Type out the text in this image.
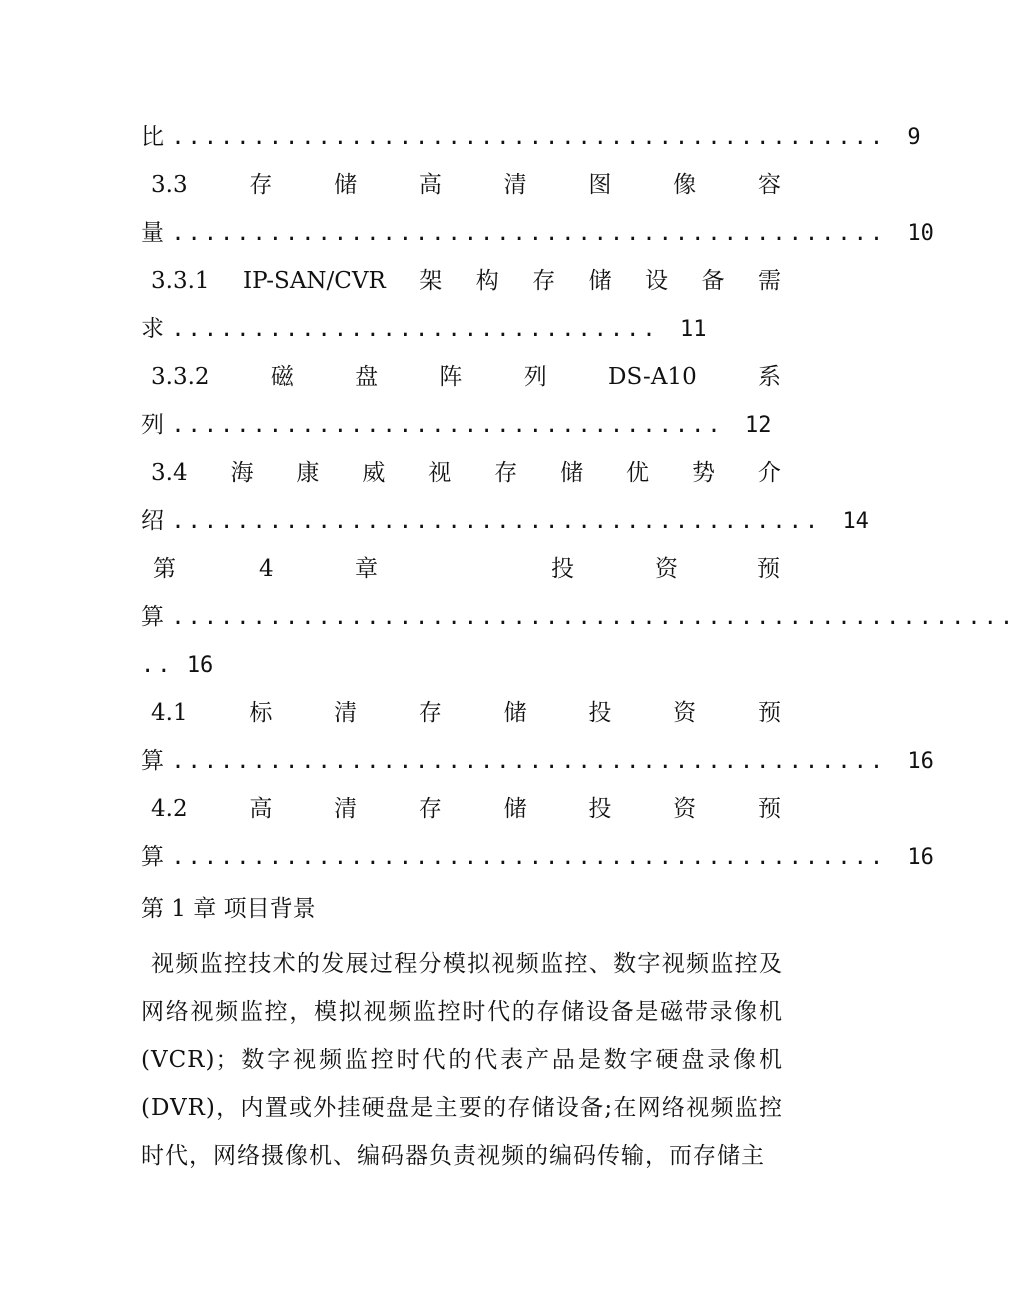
比 ............................................ 9
3.3	存	储	高	清	图	像	容
量 ............................................ 10
3.3.1 IP-SAN/CVR 架 构 存 储 设 备 需
求 .............................. 11
3.3.2	磁	盘	阵	列	DS-A10	系
列 .................................. 12
3.4 海 康 威 视 存 储 优 势 介
绍 ........................................ 14
第	4	章	投	资	预
算 ....................................................
.. 16
4.1	标	清	存	储	投	资	预
算 ............................................ 16
4.2	高	清	存	储	投	资	预
算 ............................................ 16
第 1 章 项目背景

视频监控技术的发展过程分模拟视频监控、数字视频监控及网络视频监控，模拟视频监控时代的存储设备是磁带录像机(VCR)；数字视频监控时代的代表产品是数字硬盘录像机(DVR)，内置或外挂硬盘是主要的存储设备;在网络视频监控时代，网络摄像机、编码器负责视频的编码传输，而存储主
